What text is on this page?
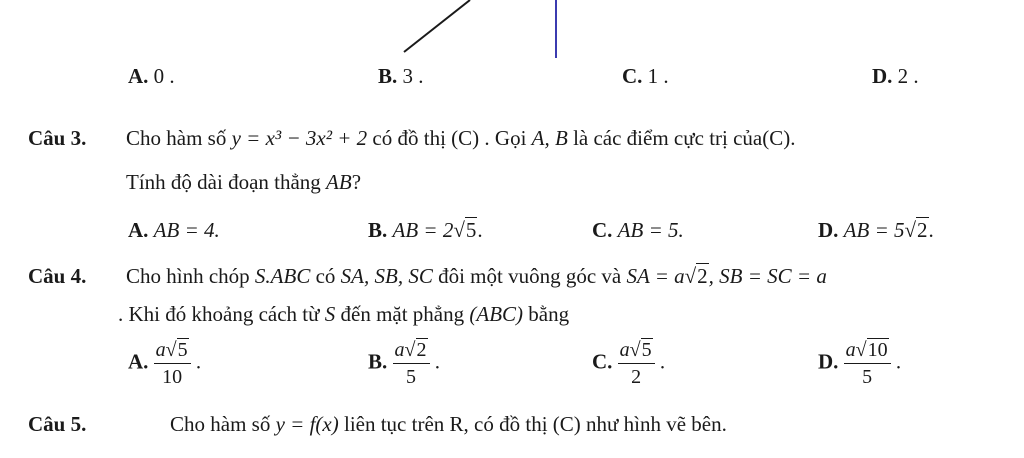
A. 0 .	B. 3 .	C. 1 .	D. 2 .
Câu 3. Cho hàm số y = x³ − 3x² + 2 có đồ thị (C) . Gọi A, B là các điểm cực trị của(C).
Tính độ dài đoạn thẳng AB?
A. AB = 4.	B. AB = 2√5.	C. AB = 5.	D. AB = 5√2.
Câu 4. Cho hình chóp S.ABC có SA, SB, SC đôi một vuông góc và SA = a√2, SB = SC = a
. Khi đó khoảng cách từ S đến mặt phẳng (ABC) bằng
A. $\frac{a√5}{10}$ .	B. $\frac{a√2}{5}$ .	C. $\frac{a√5}{2}$ .	D. $\frac{a√10}{5}$ .
Câu 5.	Cho hàm số y = f(x) liên tục trên R, có đồ thị (C) như hình vẽ bên.
